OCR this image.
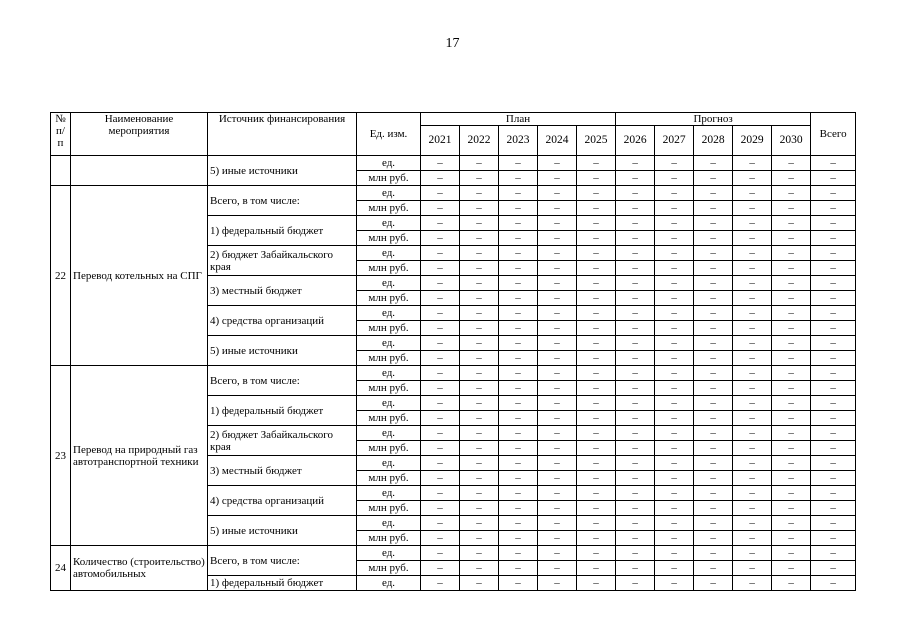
17
№ п/ п	Наименование мероприятия	Источник финансирования	Ед. изм.	План					Прогноз					Всего
				2021	2022	2023	2024	2025	2026	2027	2028	2029	2030	
		5) иные источники	ед.	–	–	–	–	–	–	–	–	–	–	–
			млн руб.	–	–	–	–	–	–	–	–	–	–	–
22	Перевод котельных на СПГ	Всего, в том числе:	ед.	–	–	–	–	–	–	–	–	–	–	–
			млн руб.	–	–	–	–	–	–	–	–	–	–	–
		1) федеральный бюджет	ед.	–	–	–	–	–	–	–	–	–	–	–
			млн руб.	–	–	–	–	–	–	–	–	–	–	–
		2) бюджет Забайкальского края	ед.	–	–	–	–	–	–	–	–	–	–	–
			млн руб.	–	–	–	–	–	–	–	–	–	–	–
		3) местный бюджет	ед.	–	–	–	–	–	–	–	–	–	–	–
			млн руб.	–	–	–	–	–	–	–	–	–	–	–
		4) средства организаций	ед.	–	–	–	–	–	–	–	–	–	–	–
			млн руб.	–	–	–	–	–	–	–	–	–	–	–
		5) иные источники	ед.	–	–	–	–	–	–	–	–	–	–	–
			млн руб.	–	–	–	–	–	–	–	–	–	–	–
23	Перевод на природный газ автотранспортной техники	Всего, в том числе:	ед.	–	–	–	–	–	–	–	–	–	–	–
			млн руб.	–	–	–	–	–	–	–	–	–	–	–
		1) федеральный бюджет	ед.	–	–	–	–	–	–	–	–	–	–	–
			млн руб.	–	–	–	–	–	–	–	–	–	–	–
		2) бюджет Забайкальского края	ед.	–	–	–	–	–	–	–	–	–	–	–
			млн руб.	–	–	–	–	–	–	–	–	–	–	–
		3) местный бюджет	ед.	–	–	–	–	–	–	–	–	–	–	–
			млн руб.	–	–	–	–	–	–	–	–	–	–	–
		4) средства организаций	ед.	–	–	–	–	–	–	–	–	–	–	–
			млн руб.	–	–	–	–	–	–	–	–	–	–	–
		5) иные источники	ед.	–	–	–	–	–	–	–	–	–	–	–
			млн руб.	–	–	–	–	–	–	–	–	–	–	–
24	Количество (строительство) автомобильных	Всего, в том числе:	ед.	–	–	–	–	–	–	–	–	–	–	–
			млн руб.	–	–	–	–	–	–	–	–	–	–	–
		1) федеральный бюджет	ед.	–	–	–	–	–	–	–	–	–	–	–
